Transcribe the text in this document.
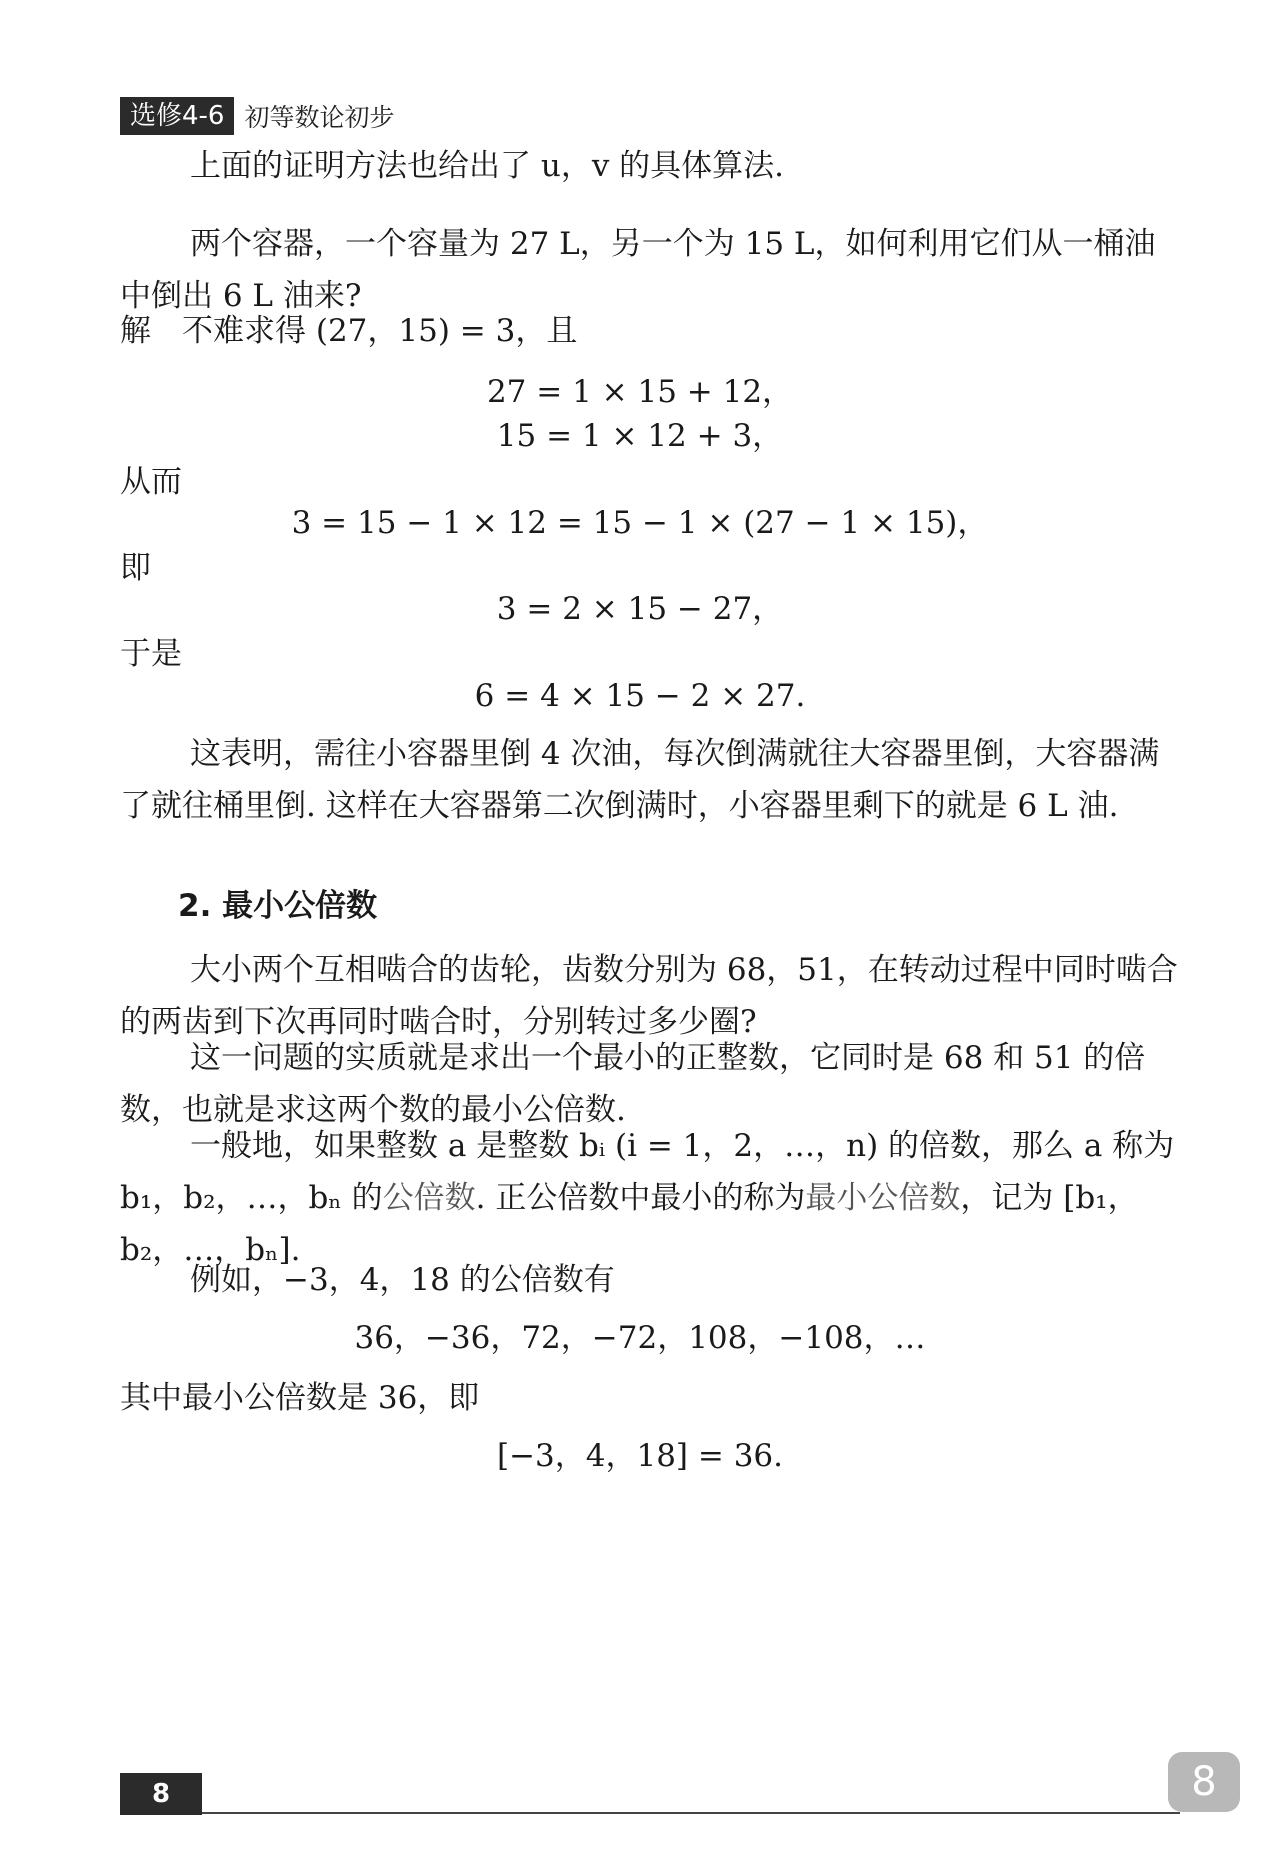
选修4-6 初等数论初步

上面的证明方法也给出了 u，v 的具体算法.

两个容器，一个容量为 27 L，另一个为 15 L，如何利用它们从一桶油中倒出 6 L 油来?

解　 不难求得 (27，15) = 3，且

27 = 1 × 15 + 12，

15 = 1 × 12 + 3，

从而

3 = 15 − 1 × 12 = 15 − 1 × (27 − 1 × 15)，

即

3 = 2 × 15 − 27，

于是

6 = 4 × 15 − 2 × 27.

这表明，需往小容器里倒 4 次油，每次倒满就往大容器里倒，大容器满了就往桶里倒. 这样在大容器第二次倒满时，小容器里剩下的就是 6 L 油.

2. 最小公倍数

大小两个互相啮合的齿轮，齿数分别为 68，51，在转动过程中同时啮合的两齿到下次再同时啮合时，分别转过多少圈?

这一问题的实质就是求出一个最小的正整数，它同时是 68 和 51 的倍数，也就是求这两个数的最小公倍数.

一般地，如果整数 a 是整数 bᵢ (i = 1，2，…，n) 的倍数，那么 a 称为 b₁，b₂，…，bₙ 的公倍数. 正公倍数中最小的称为最小公倍数，记为 [b₁，b₂，…，bₙ].

例如，−3，4，18 的公倍数有

36，−36，72，−72，108，−108，…

其中最小公倍数是 36，即

[−3，4，18] = 36.

8	8
